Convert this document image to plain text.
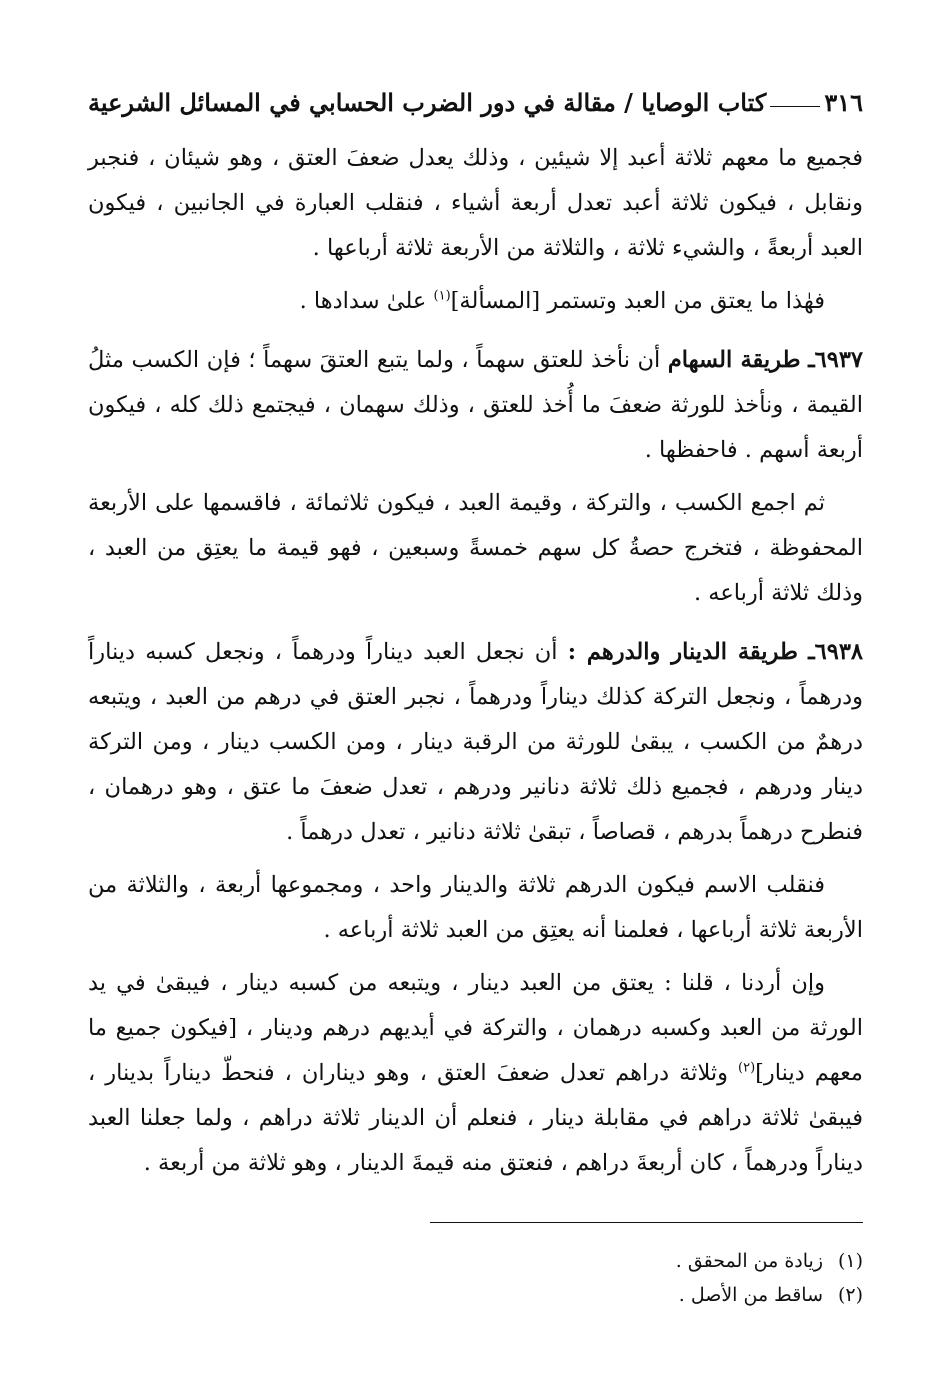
٣١٦
كتاب الوصايا / مقالة في دور الضرب الحسابي في المسائل الشرعية

فجميع ما معهم ثلاثة أعبد إلا شيئين ، وذلك يعدل ضعفَ العتق ، وهو شيئان ، فنجبر ونقابل ، فيكون ثلاثة أعبد تعدل أربعة أشياء ، فنقلب العبارة في الجانبين ، فيكون العبد أربعةً ، والشيء ثلاثة ، والثلاثة من الأربعة ثلاثة أرباعها .

فهٰذا ما يعتق من العبد وتستمر [المسألة]$^{(١)}$ علىٰ سدادها .

٦٩٣٧ـ طريقة السهام أن نأخذ للعتق سهماً ، ولما يتبع العتقَ سهماً ؛ فإن الكسب مثلُ القيمة ، ونأخذ للورثة ضعفَ ما أُخذ للعتق ، وذلك سهمان ، فيجتمع ذلك كله ، فيكون أربعة أسهم . فاحفظها .

ثم اجمع الكسب ، والتركة ، وقيمة العبد ، فيكون ثلاثمائة ، فاقسمها على الأربعة المحفوظة ، فتخرج حصةُ كل سهم خمسةً وسبعين ، فهو قيمة ما يعتِق من العبد ، وذلك ثلاثة أرباعه .

٦٩٣٨ـ طريقة الدينار والدرهم : أن نجعل العبد ديناراً ودرهماً ، ونجعل كسبه ديناراً ودرهماً ، ونجعل التركة كذلك ديناراً ودرهماً ، نجبر العتق في درهم من العبد ، ويتبعه درهمٌ من الكسب ، يبقىٰ للورثة من الرقبة دينار ، ومن الكسب دينار ، ومن التركة دينار ودرهم ، فجميع ذلك ثلاثة دنانير ودرهم ، تعدل ضعفَ ما عتق ، وهو درهمان ، فنطرح درهماً بدرهم ، قصاصاً ، تبقىٰ ثلاثة دنانير ، تعدل درهماً .

فنقلب الاسم فيكون الدرهم ثلاثة والدينار واحد ، ومجموعها أربعة ، والثلاثة من الأربعة ثلاثة أرباعها ، فعلمنا أنه يعتِق من العبد ثلاثة أرباعه .

وإن أردنا ، قلنا : يعتق من العبد دينار ، ويتبعه من كسبه دينار ، فيبقىٰ في يد الورثة من العبد وكسبه درهمان ، والتركة في أيديهم درهم ودينار ، [فيكون جميع ما معهم دينار]$^{(٢)}$ وثلاثة دراهم تعدل ضعفَ العتق ، وهو ديناران ، فنحطّ ديناراً بدينار ، فيبقىٰ ثلاثة دراهم في مقابلة دينار ، فنعلم أن الدينار ثلاثة دراهم ، ولما جعلنا العبد ديناراً ودرهماً ، كان أربعةَ دراهم ، فنعتق منه قيمةَ الدينار ، وهو ثلاثة من أربعة .

(١)زيادة من المحقق .
(٢)ساقط من الأصل .
